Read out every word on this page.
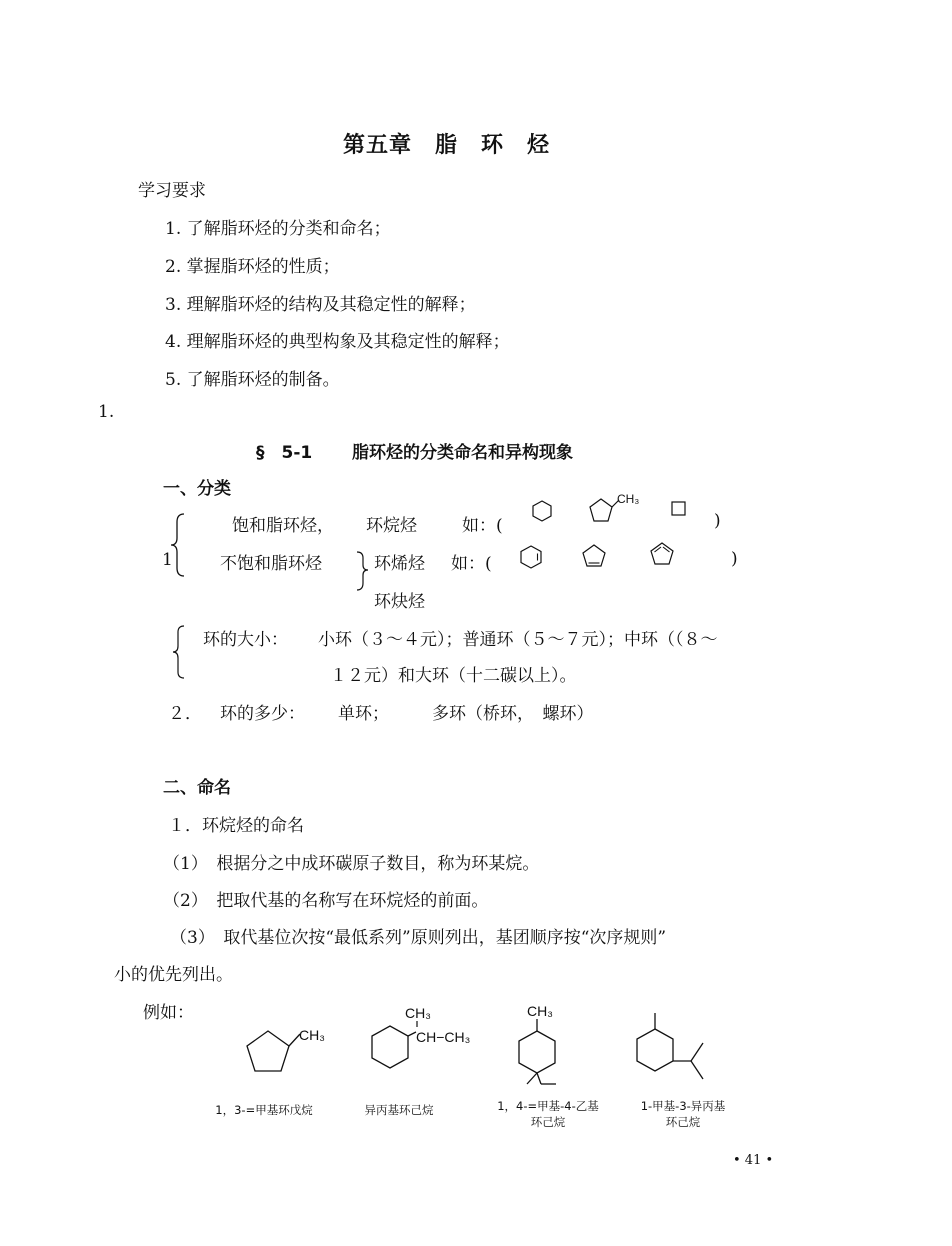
第五章　脂　环　烃
学习要求
1. 了解脂环烃的分类和命名；
2. 掌握脂环烃的性质；
3. 理解脂环烃的结构及其稳定性的解释；
4. 理解脂环烃的典型构象及其稳定性的解释；
5. 了解脂环烃的制备。
1.
§　5-1 脂环烃的分类命名和异构现象
一、分类
1
饱和脂环烃， 环烷烃	如：(	)
CH₃
不饱和脂环烃	环烯烃 如：(	)
环炔烃
环的大小： 小环（３～４元）；普通环（５～７元）；中环（（８～
１２元）和大环（十二碳以上）。
２． 环的多少： 单环；	多环（桥环，　螺环）
二、命名
１．环烷烃的命名
（1）　根据分之中成环碳原子数目，称为环某烷。
（2）　把取代基的名称写在环烷烃的前面。
（3）　取代基位次按“最低系列”原则列出，基团顺序按“次序规则”
小的优先列出。
例如：
CH₃
CH₃
CH−CH₃
CH₃
1，3-=甲基环戊烷	异丙基环己烷	1，4-=甲基-4-乙基
环己烷
1-甲基-3-异丙基
环己烷
• 41 •
